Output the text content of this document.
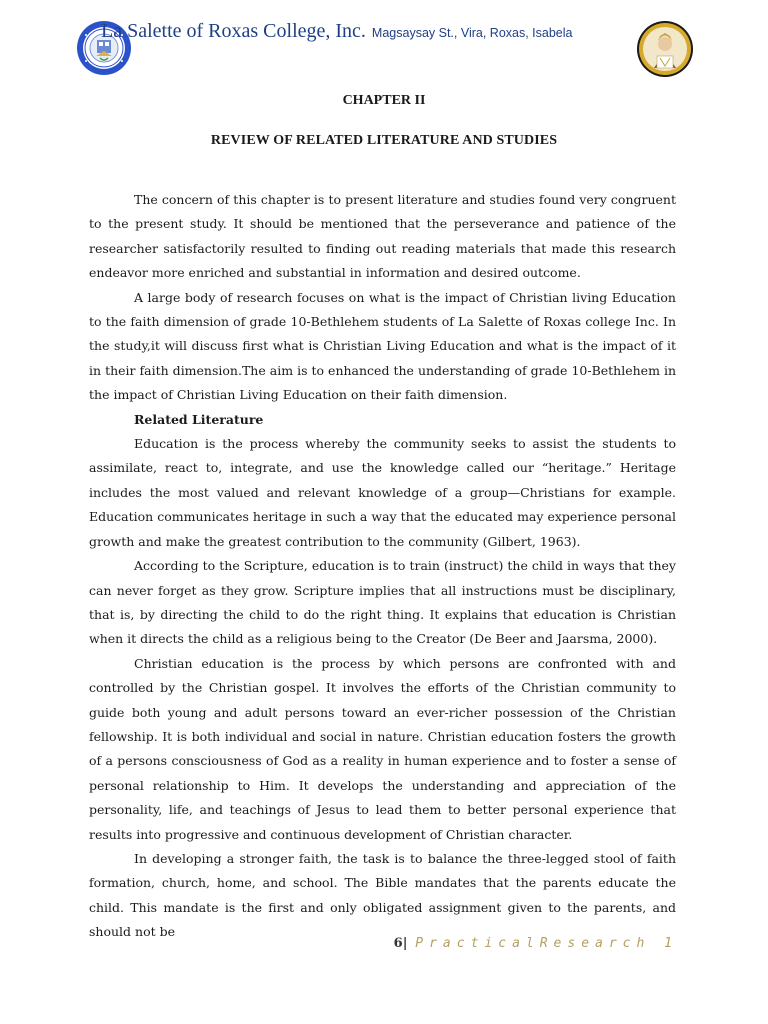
La Salette of Roxas College, Inc. Magsaysay St., Vira, Roxas, Isabela
CHAPTER II
REVIEW OF RELATED LITERATURE AND STUDIES

The concern of this chapter is to present literature and studies found very congruent to the present study. It should be mentioned that the perseverance and patience of the researcher satisfactorily resulted to finding out reading materials that made this research endeavor more enriched and substantial in information and desired outcome.

A large body of research focuses on what is the impact of Christian living Education to the faith dimension of grade 10-Bethlehem students of La Salette of Roxas college Inc. In the study,it will discuss first what is Christian Living Education and what is the impact of it in their faith dimension.The aim is to enhanced the understanding of grade 10-Bethlehem in the impact of Christian Living Education on their faith dimension.

Related Literature

Education is the process whereby the community seeks to assist the students to assimilate, react to, integrate, and use the knowledge called our “heritage.” Heritage includes the most valued and relevant knowledge of a group—Christians for example. Education communicates heritage in such a way that the educated may experience personal growth and make the greatest contribution to the community (Gilbert, 1963).

According to the Scripture, education is to train (instruct) the child in ways that they can never forget as they grow. Scripture implies that all instructions must be disciplinary, that is, by directing the child to do the right thing. It explains that education is Christian when it directs the child as a religious being to the Creator (De Beer and Jaarsma, 2000).

Christian education is the process by which persons are confronted with and controlled by the Christian gospel. It involves the efforts of the Christian community to guide both young and adult persons toward an ever-richer possession of the Christian fellowship. It is both individual and social in nature. Christian education fosters the growth of a persons consciousness of God as a reality in human experience and to foster a sense of personal relationship to Him. It develops the understanding and appreciation of the personality, life, and teachings of Jesus to lead them to better personal experience that results into progressive and continuous development of Christian character.

In developing a stronger faith, the task is to balance the three-legged stool of faith formation, church, home, and school. The Bible mandates that the parents educate the child. This mandate is the first and only obligated assignment given to the parents, and should not be

6| PracticalResearch 1
